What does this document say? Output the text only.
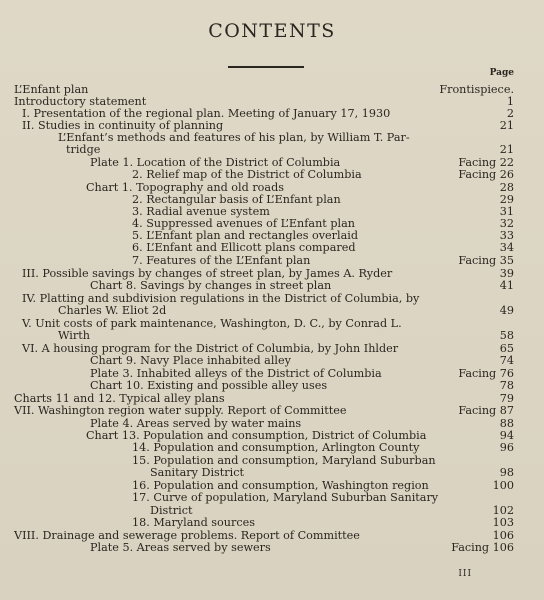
CONTENTS
Page
L’Enfant plan	Frontispiece.
Introductory statement	1
I. Presentation of the regional plan. Meeting of January 17, 1930	2
II. Studies in continuity of planning	21
L’Enfant’s methods and features of his plan, by William T. Par-
tridge	21
Plate 1. Location of the District of Columbia	Facing 22
2. Relief map of the District of Columbia	Facing 26
Chart 1. Topography and old roads	28
2. Rectangular basis of L’Enfant plan	29
3. Radial avenue system	31
4. Suppressed avenues of L’Enfant plan	32
5. L’Enfant plan and rectangles overlaid	33
6. L’Enfant and Ellicott plans compared	34
7. Features of the L’Enfant plan	Facing 35
III. Possible savings by changes of street plan, by James A. Ryder	39
Chart 8. Savings by changes in street plan	41
IV. Platting and subdivision regulations in the District of Columbia, by
Charles W. Eliot 2d	49
V. Unit costs of park maintenance, Washington, D. C., by Conrad L.
Wirth	58
VI. A housing program for the District of Columbia, by John Ihlder	65
Chart 9. Navy Place inhabited alley	74
Plate 3. Inhabited alleys of the District of Columbia	Facing 76
Chart 10. Existing and possible alley uses	78
Charts 11 and 12. Typical alley plans	79
VII. Washington region water supply. Report of Committee	Facing 87
Plate 4. Areas served by water mains	88
Chart 13. Population and consumption, District of Columbia	94
14. Population and consumption, Arlington County	96
15. Population and consumption, Maryland Suburban
Sanitary District	98
16. Population and consumption, Washington region	100
17. Curve of population, Maryland Suburban Sanitary
District	102
18. Maryland sources	103
VIII. Drainage and sewerage problems. Report of Committee	106
Plate 5. Areas served by sewers	Facing 106
III
